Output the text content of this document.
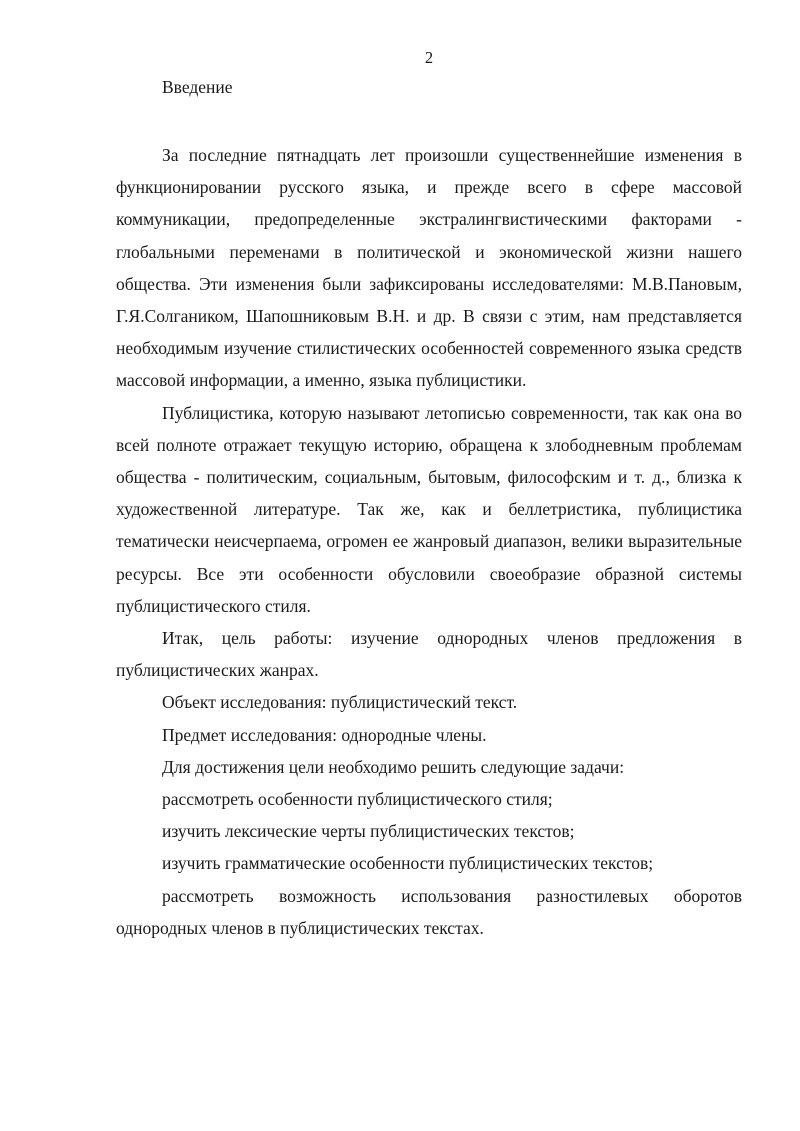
2
Введение

За последние пятнадцать лет произошли существеннейшие изменения в функционировании русского языка, и прежде всего в сфере массовой коммуникации, предопределенные экстралингвистическими факторами - глобальными переменами в политической и экономической жизни нашего общества. Эти изменения были зафиксированы исследователями: М.В.Пановым, Г.Я.Солгаником, Шапошниковым В.Н. и др. В связи с этим, нам представляется необходимым изучение стилистических особенностей современного языка средств массовой информации, а именно, языка публицистики.

Публицистика, которую называют летописью современности, так как она во всей полноте отражает текущую историю, обращена к злободневным проблемам общества - политическим, социальным, бытовым, философским и т. д., близка к художественной литературе. Так же, как и беллетристика, публицистика тематически неисчерпаема, огромен ее жанровый диапазон, велики выразительные ресурсы. Все эти особенности обусловили своеобразие образной системы публицистического стиля.

Итак, цель работы: изучение однородных членов предложения в публицистических жанрах.

Объект исследования: публицистический текст.

Предмет исследования: однородные члены.

Для достижения цели необходимо решить следующие задачи:

рассмотреть особенности публицистического стиля;

изучить лексические черты публицистических текстов;

изучить грамматические особенности публицистических текстов;

рассмотреть возможность использования разностилевых оборотов однородных членов в публицистических текстах.
